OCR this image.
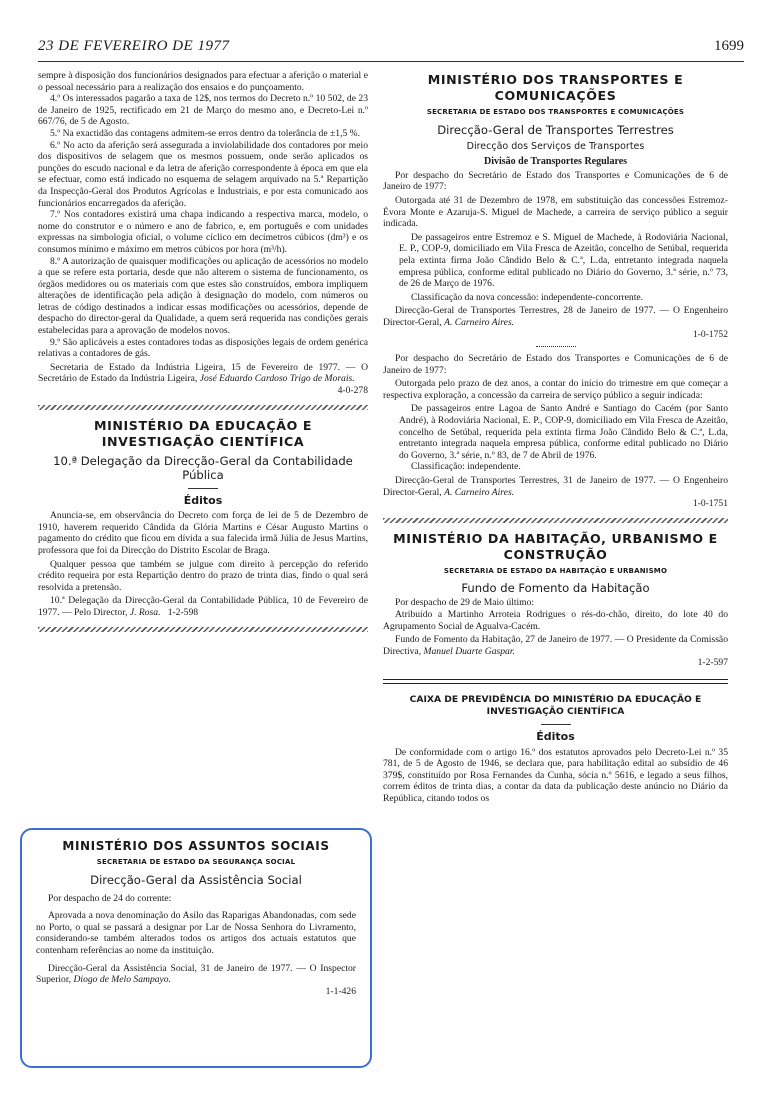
23 DE FEVEREIRO DE 1977	1699

sempre à disposição dos funcionários designados para efectuar a aferição o material e o pessoal necessário para a realização dos ensaios e do punçoamento.

4.º Os interessados pagarão a taxa de 12$, nos termos do Decreto n.º 10 502, de 23 de Janeiro de 1925, rectificado em 21 de Março do mesmo ano, e Decreto-Lei n.º 667/76, de 5 de Agosto.

5.º Na exactidão das contagens admitem-se erros dentro da tolerância de ±1,5 %.

6.º No acto da aferição será assegurada a inviolabilidade dos contadores por meio dos dispositivos de selagem que os mesmos possuem, onde serão aplicados os punções do escudo nacional e da letra de aferição correspondente à época em que ela se efectuar, como está indicado no esquema de selagem arquivado na 5.ª Repartição da Inspecção-Geral dos Produtos Agrícolas e Industriais, e por esta comunicado aos funcionários encarregados da aferição.

7.º Nos contadores existirá uma chapa indicando a respectiva marca, modelo, o nome do construtor e o número e ano de fabrico, e, em português e com unidades expressas na simbologia oficial, o volume cíclico em decímetros cúbicos (dm³) e os consumos mínimo e máximo em metros cúbicos por hora (m³/h).

8.º A autorização de quaisquer modificações ou aplicação de acessórios no modelo a que se refere esta portaria, desde que não alterem o sistema de funcionamento, os órgãos medidores ou os materiais com que estes são construídos, embora impliquem alterações de identificação pela adição à designação do modelo, com números ou letras de código destinados a indicar essas modificações ou acessórios, depende de despacho do director-geral da Qualidade, a quem será requerida nas condições gerais estabelecidas para a aprovação de modelos novos.

9.º São aplicáveis a estes contadores todas as disposições legais de ordem genérica relativas a contadores de gás.

Secretaria de Estado da Indústria Ligeira, 15 de Fevereiro de 1977. — O Secretário de Estado da Indústria Ligeira, José Eduardo Cardoso Trigo de Morais.

4-0-278

MINISTÉRIO DA EDUCAÇÃO E INVESTIGAÇÃO CIENTÍFICA
10.ª Delegação da Direcção-Geral da Contabilidade Pública
Éditos

Anuncia-se, em observância do Decreto com força de lei de 5 de Dezembro de 1910, haverem requerido Cândida da Glória Martins e César Augusto Martins o pagamento do crédito que ficou em dívida a sua falecida irmã Júlia de Jesus Martins, professora que foi da Direcção do Distrito Escolar de Braga.

Qualquer pessoa que também se julgue com direito à percepção do referido crédito requeira por esta Repartição dentro do prazo de trinta dias, findo o qual será resolvida a pretensão.

10.ª Delegação da Direcção-Geral da Contabilidade Pública, 10 de Fevereiro de 1977. — Pelo Director, J. Rosa. 1-2-598

MINISTÉRIO DOS ASSUNTOS SOCIAIS
SECRETARIA DE ESTADO DA SEGURANÇA SOCIAL
Direcção-Geral da Assistência Social

Por despacho de 24 do corrente:

Aprovada a nova denominação do Asilo das Raparigas Abandonadas, com sede no Porto, o qual se passará a designar por Lar de Nossa Senhora do Livramento, considerando-se também alterados todos os artigos dos actuais estatutos que contenham referências ao nome da instituição.

Direcção-Geral da Assistência Social, 31 de Janeiro de 1977. — O Inspector Superior, Diogo de Melo Sampayo.

1-1-426

MINISTÉRIO DOS TRANSPORTES E COMUNICAÇÕES
SECRETARIA DE ESTADO DOS TRANSPORTES E COMUNICAÇÕES
Direcção-Geral de Transportes Terrestres
Direcção dos Serviços de Transportes
Divisão de Transportes Regulares

Por despacho do Secretário de Estado dos Transportes e Comunicações de 6 de Janeiro de 1977:

Outorgada até 31 de Dezembro de 1978, em substituição das concessões Estremoz-Évora Monte e Azaruja-S. Miguel de Machede, a carreira de serviço público a seguir indicada.

De passageiros entre Estremoz e S. Miguel de Machede, à Rodoviária Nacional, E. P., COP-9, domiciliado em Vila Fresca de Azeitão, concelho de Setúbal, requerida pela extinta firma João Cândido Belo & C.ª, L.da, entretanto integrada naquela empresa pública, conforme edital publicado no Diário do Governo, 3.ª série, n.º 73, de 26 de Março de 1976.

Classificação da nova concessão: independente-concorrente.

Direcção-Geral de Transportes Terrestres, 28 de Janeiro de 1977. — O Engenheiro Director-Geral, A. Carneiro Aires.

1-0-1752

Por despacho do Secretário de Estado dos Transportes e Comunicações de 6 de Janeiro de 1977:

Outorgada pelo prazo de dez anos, a contar do início do trimestre em que começar a respectiva exploração, a concessão da carreira de serviço público a seguir indicada:

De passageiros entre Lagoa de Santo André e Santiago do Cacém (por Santo André), à Rodoviária Nacional, E. P., COP-9, domiciliado em Vila Fresca de Azeitão, concelho de Setúbal, requerida pela extinta firma João Cândido Belo & C.ª, L.da, entretanto integrada naquela empresa pública, conforme edital publicado no Diário do Governo, 3.ª série, n.º 83, de 7 de Abril de 1976.

Classificação: independente.

Direcção-Geral de Transportes Terrestres, 31 de Janeiro de 1977. — O Engenheiro Director-Geral, A. Carneiro Aires.

1-0-1751

MINISTÉRIO DA HABITAÇÃO, URBANISMO E CONSTRUÇÃO
SECRETARIA DE ESTADO DA HABITAÇÃO E URBANISMO
Fundo de Fomento da Habitação

Por despacho de 29 de Maio último:

Atribuído a Martinho Arroteia Rodrigues o rés-do-chão, direito, do lote 40 do Agrupamento Social de Agualva-Cacém.

Fundo de Fomento da Habitação, 27 de Janeiro de 1977. — O Presidente da Comissão Directiva, Manuel Duarte Gaspar.

1-2-597

CAIXA DE PREVIDÊNCIA DO MINISTÉRIO DA EDUCAÇÃO E INVESTIGAÇÃO CIENTÍFICA
Éditos

De conformidade com o artigo 16.º dos estatutos aprovados pelo Decreto-Lei n.º 35 781, de 5 de Agosto de 1946, se declara que, para habilitação edital ao subsídio de 46 379$, constituído por Rosa Fernandes da Cunha, sócia n.º 5616, e legado a seus filhos, correm éditos de trinta dias, a contar da data da publicação deste anúncio no Diário da República, citando todos os
